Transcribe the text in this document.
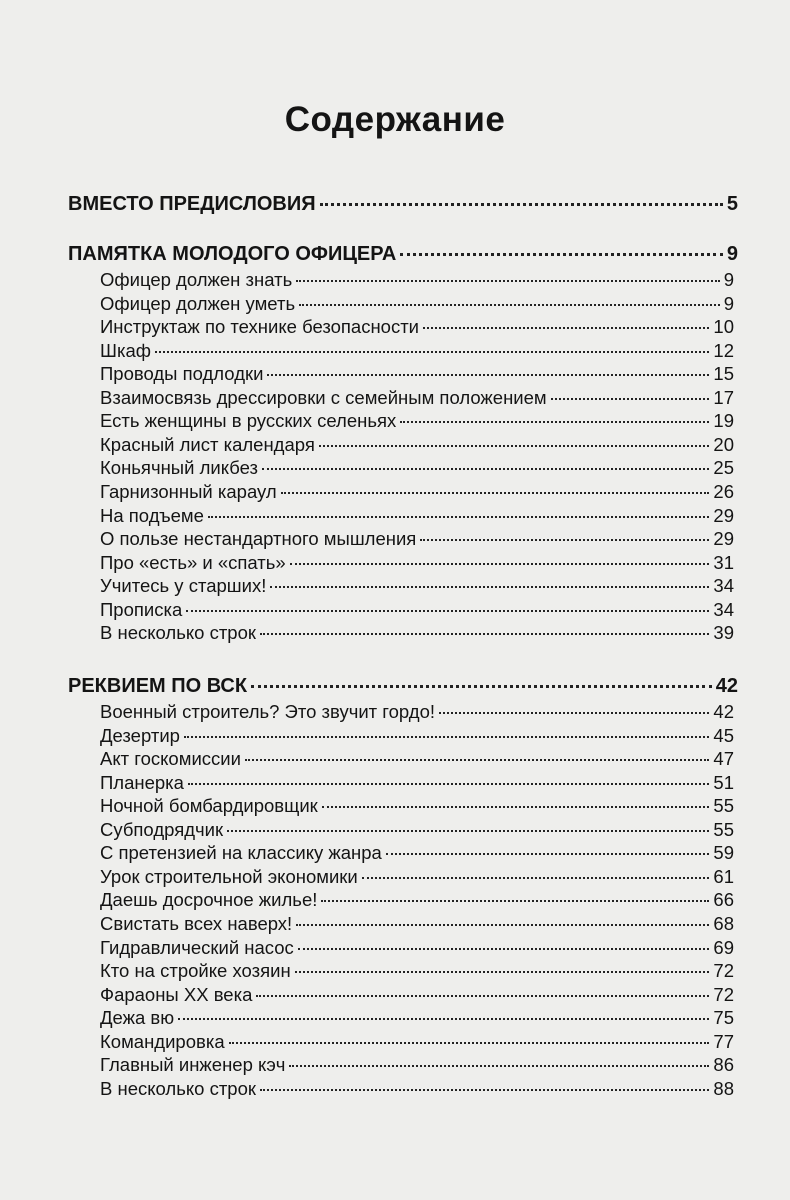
Содержание
ВМЕСТО ПРЕДИСЛОВИЯ	5
ПАМЯТКА МОЛОДОГО ОФИЦЕРА	9
Офицер должен знать	9
Офицер должен уметь	9
Инструктаж по технике безопасности	10
Шкаф	12
Проводы подлодки	15
Взаимосвязь дрессировки с семейным положением	17
Есть женщины в русских селеньях	19
Красный лист календаря	20
Коньячный ликбез	25
Гарнизонный караул	26
На подъеме	29
О пользе нестандартного мышления	29
Про «есть» и «спать»	31
Учитесь у старших!	34
Прописка	34
В несколько строк	39
РЕКВИЕМ ПО ВСК	42
Военный строитель? Это звучит гордо!	42
Дезертир	45
Акт госкомиссии	47
Планерка	51
Ночной бомбардировщик	55
Субподрядчик	55
С претензией на классику жанра	59
Урок строительной экономики	61
Даешь досрочное жилье!	66
Свистать всех наверх!	68
Гидравлический насос	69
Кто на стройке хозяин	72
Фараоны XX века	72
Дежа вю	75
Командировка	77
Главный инженер кэч	86
В несколько строк	88
